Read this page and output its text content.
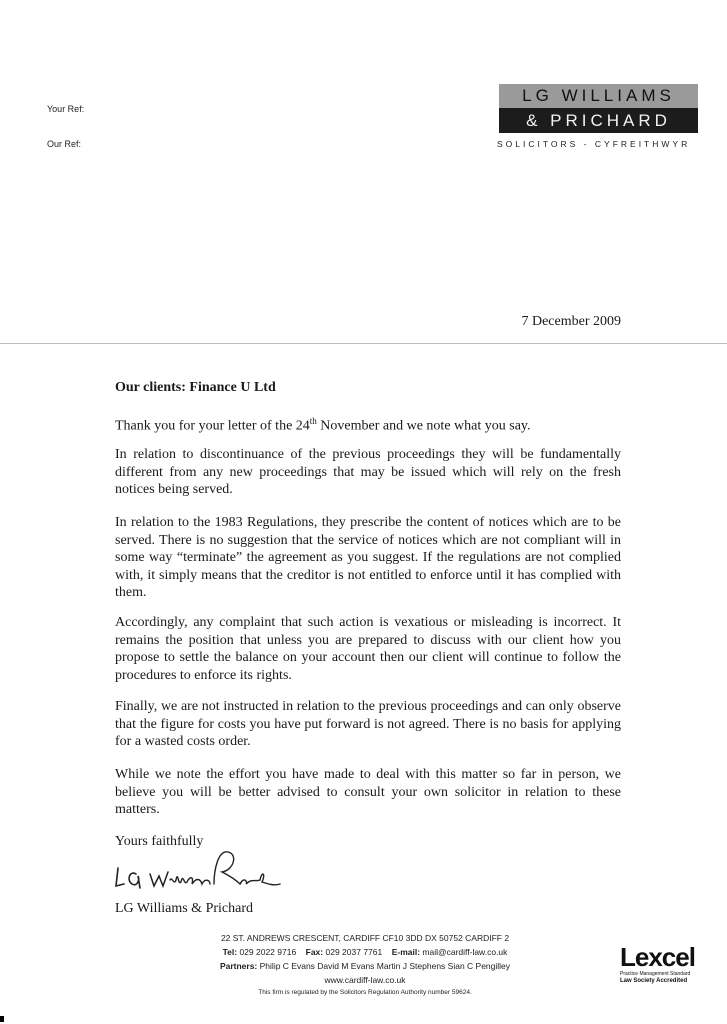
Your Ref:
Our Ref:
LG WILLIAMS
& PRICHARD
SOLICITORS - CYFREITHWYR
7 December 2009
Our clients: Finance U Ltd
Thank you for your letter of the 24th November and we note what you say.
In relation to discontinuance of the previous proceedings they will be fundamentally different from any new proceedings that may be issued which will rely on the fresh notices being served.
In relation to the 1983 Regulations, they prescribe the content of notices which are to be served. There is no suggestion that the service of notices which are not compliant will in some way “terminate” the agreement as you suggest. If the regulations are not complied with, it simply means that the creditor is not entitled to enforce until it has complied with them.
Accordingly, any complaint that such action is vexatious or misleading is incorrect. It remains the position that unless you are prepared to discuss with our client how you propose to settle the balance on your account then our client will continue to follow the procedures to enforce its rights.
Finally, we are not instructed in relation to the previous proceedings and can only observe that the figure for costs you have put forward is not agreed. There is no basis for applying for a wasted costs order.
While we note the effort you have made to deal with this matter so far in person, we believe you will be better advised to consult your own solicitor in relation to these matters.
Yours faithfully
LG Williams & Prichard
22 ST. ANDREWS CRESCENT, CARDIFF CF10 3DD DX 50752 CARDIFF 2
Tel: 029 2022 9716 Fax: 029 2037 7761 E-mail: mail@cardiff-law.co.uk
Partners: Philip C Evans David M Evans Martin J Stephens Sian C Pengilley
www.cardiff-law.co.uk
This firm is regulated by the Solicitors Regulation Authority number 59624.
Lexcel
Practice Management Standard
Law Society Accredited
